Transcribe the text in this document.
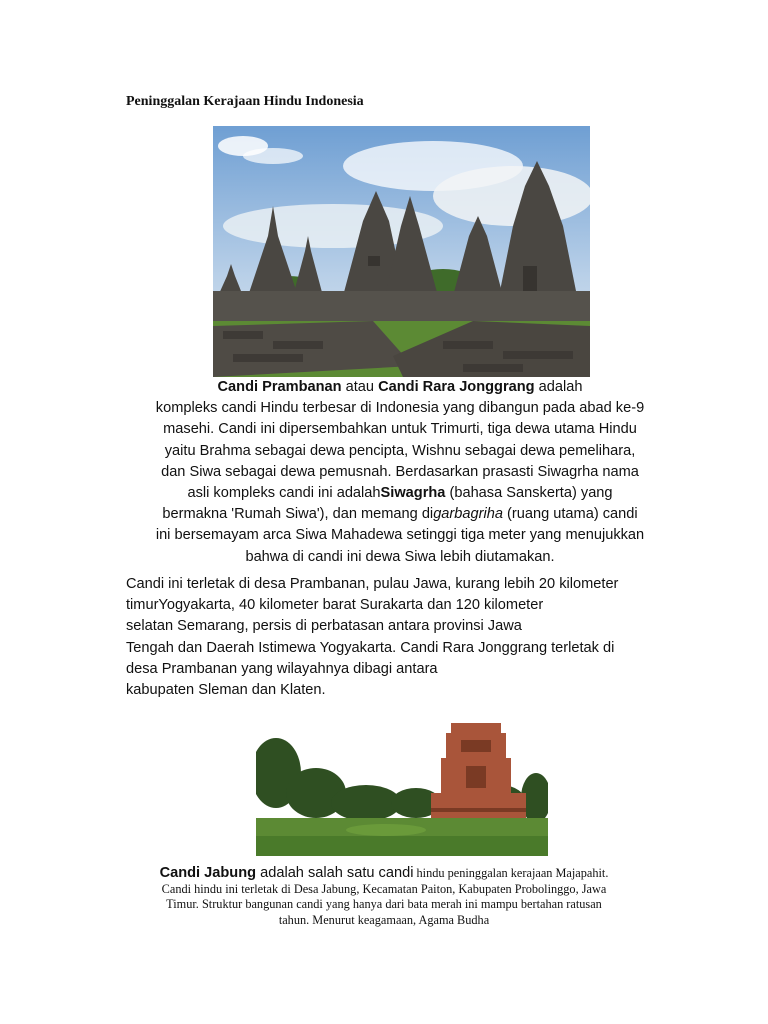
Peninggalan Kerajaan Hindu Indonesia
Candi Prambanan atau Candi Rara Jonggrang adalah
kompleks candi Hindu terbesar di Indonesia yang dibangun pada abad ke-9
masehi. Candi ini dipersembahkan untuk Trimurti, tiga dewa utama Hindu
yaitu Brahma sebagai dewa pencipta, Wishnu sebagai dewa pemelihara,
dan Siwa sebagai dewa pemusnah. Berdasarkan prasasti Siwagrha nama
asli kompleks candi ini adalahSiwagrha (bahasa Sanskerta) yang
bermakna 'Rumah Siwa'), dan memang digarbagriha (ruang utama) candi
ini bersemayam arca Siwa Mahadewa setinggi tiga meter yang menujukkan
bahwa di candi ini dewa Siwa lebih diutamakan.
Candi ini terletak di desa Prambanan, pulau Jawa, kurang lebih 20 kilometer
timurYogyakarta, 40 kilometer barat Surakarta dan 120 kilometer
selatan Semarang, persis di perbatasan antara provinsi Jawa
Tengah dan Daerah Istimewa Yogyakarta. Candi Rara Jonggrang terletak di
desa Prambanan yang wilayahnya dibagi antara
kabupaten Sleman dan Klaten.
Candi Jabung adalah salah satu candi hindu peninggalan kerajaan Majapahit.
Candi hindu ini terletak di Desa Jabung, Kecamatan Paiton, Kabupaten Probolinggo, Jawa
Timur. Struktur bangunan candi yang hanya dari bata merah ini mampu bertahan ratusan
tahun. Menurut keagamaan, Agama Budha
